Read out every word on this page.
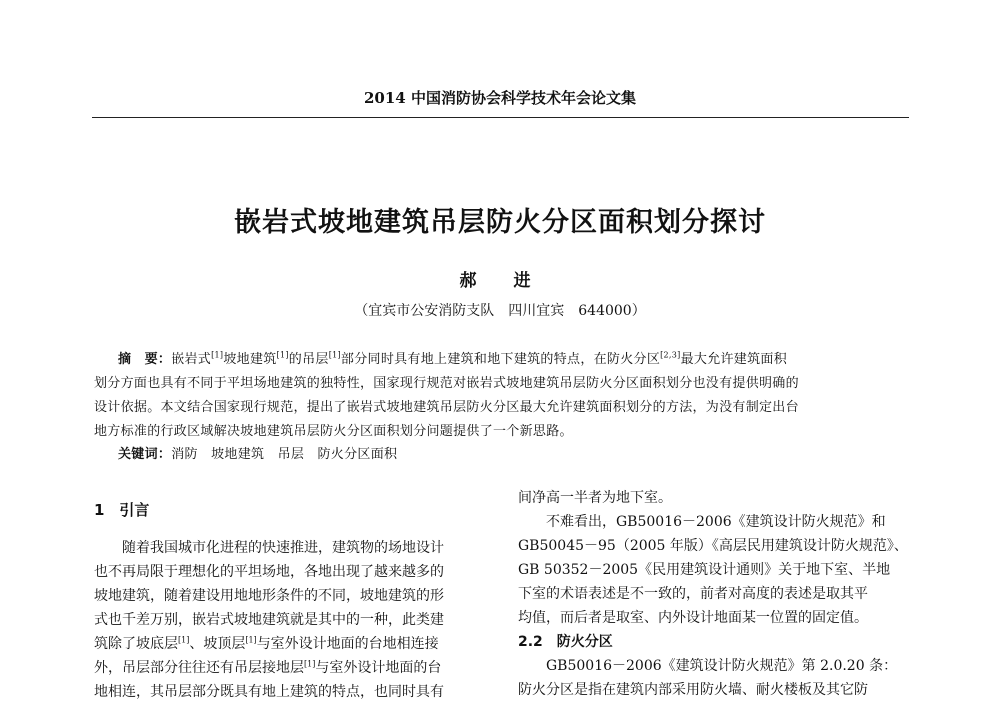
2014 中国消防协会科学技术年会论文集
嵌岩式坡地建筑吊层防火分区面积划分探讨
郝　进
（宜宾市公安消防支队　四川宜宾　644000）
摘　要：嵌岩式[1]坡地建筑[1]的吊层[1]部分同时具有地上建筑和地下建筑的特点，在防火分区[2,3]最大允许建筑面积
划分方面也具有不同于平坦场地建筑的独特性，国家现行规范对嵌岩式坡地建筑吊层防火分区面积划分也没有提供明确的
设计依据。本文结合国家现行规范，提出了嵌岩式坡地建筑吊层防火分区最大允许建筑面积划分的方法，为没有制定出台
地方标准的行政区域解决坡地建筑吊层防火分区面积划分问题提供了一个新思路。
关键词：消防　坡地建筑　吊层　防火分区面积
1　引言
随着我国城市化进程的快速推进，建筑物的场地设计
也不再局限于理想化的平坦场地，各地出现了越来越多的
坡地建筑，随着建设用地地形条件的不同，坡地建筑的形
式也千差万别，嵌岩式坡地建筑就是其中的一种，此类建
筑除了坡底层[1]、坡顶层[1]与室外设计地面的台地相连接
外，吊层部分往往还有吊层接地层[1]与室外设计地面的台
地相连，其吊层部分既具有地上建筑的特点，也同时具有
间净高一半者为地下室。
不难看出，GB50016－2006《建筑设计防火规范》和
GB50045－95（2005 年版）《高层民用建筑设计防火规范》、
GB 50352－2005《民用建筑设计通则》关于地下室、半地
下室的术语表述是不一致的，前者对高度的表述是取其平
均值，而后者是取室、内外设计地面某一位置的固定值。
2.2　防火分区
GB50016－2006《建筑设计防火规范》第 2.0.20 条：
防火分区是指在建筑内部采用防火墙、耐火楼板及其它防
